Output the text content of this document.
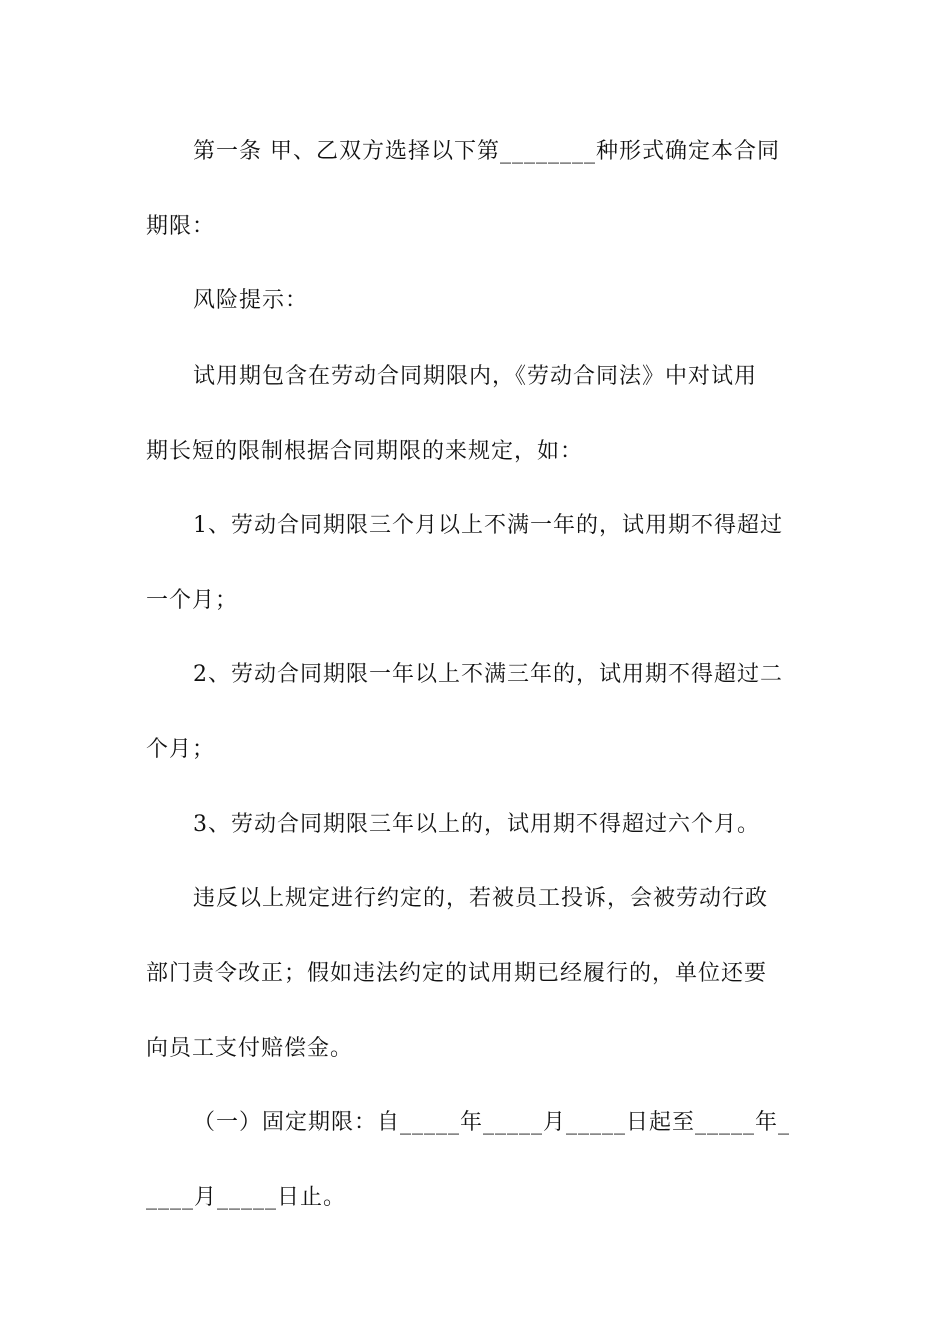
第一条 甲、乙双方选择以下第________种形式确定本合同
期限：
风险提示：
试用期包含在劳动合同期限内，《劳动合同法》中对试用
期长短的限制根据合同期限的来规定，如：
1、劳动合同期限三个月以上不满一年的，试用期不得超过
一个月；
2、劳动合同期限一年以上不满三年的，试用期不得超过二
个月；
3、劳动合同期限三年以上的，试用期不得超过六个月。
违反以上规定进行约定的，若被员工投诉，会被劳动行政
部门责令改正；假如违法约定的试用期已经履行的，单位还要
向员工支付赔偿金。
（一）固定期限：自_____年_____月_____日起至_____年_
____月_____日止。
